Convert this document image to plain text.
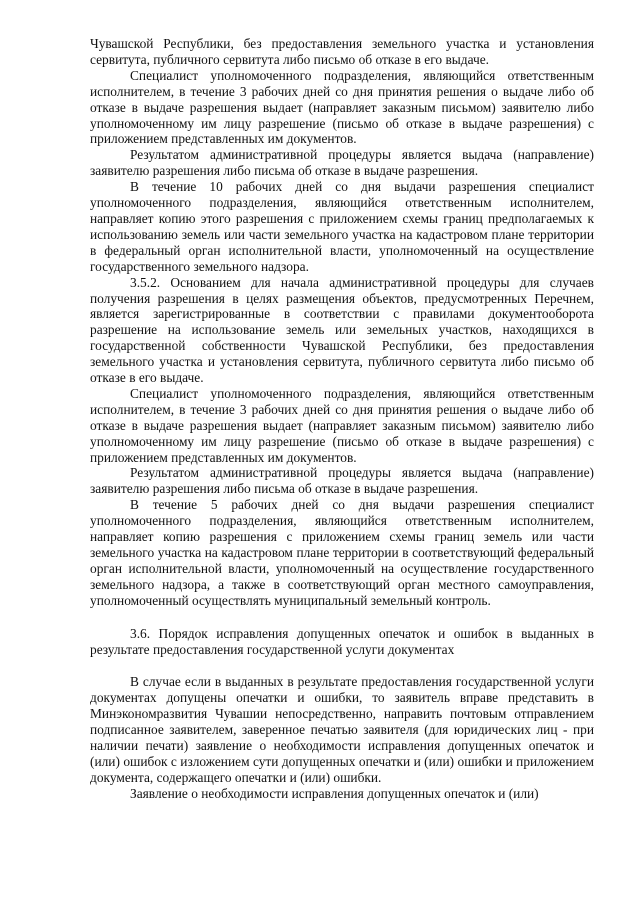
Чувашской Республики, без предоставления земельного участка и установления сервитута, публичного сервитута либо письмо об отказе в его выдаче.

Специалист уполномоченного подразделения, являющийся ответственным исполнителем, в течение 3 рабочих дней со дня принятия решения о выдаче либо об отказе в выдаче разрешения выдает (направляет заказным письмом) заявителю либо уполномоченному им лицу разрешение (письмо об отказе в выдаче разрешения) с приложением представленных им документов.

Результатом административной процедуры является выдача (направление) заявителю разрешения либо письма об отказе в выдаче разрешения.

В течение 10 рабочих дней со дня выдачи разрешения специалист уполномоченного подразделения, являющийся ответственным исполнителем, направляет копию этого разрешения с приложением схемы границ предполагаемых к использованию земель или части земельного участка на кадастровом плане территории в федеральный орган исполнительной власти, уполномоченный на осуществление государственного земельного надзора.

3.5.2. Основанием для начала административной процедуры для случаев получения разрешения в целях размещения объектов, предусмотренных Перечнем, является зарегистрированные в соответствии с правилами документооборота разрешение на использование земель или земельных участков, находящихся в государственной собственности Чувашской Республики, без предоставления земельного участка и установления сервитута, публичного сервитута либо письмо об отказе в его выдаче.

Специалист уполномоченного подразделения, являющийся ответственным исполнителем, в течение 3 рабочих дней со дня принятия решения о выдаче либо об отказе в выдаче разрешения выдает (направляет заказным письмом) заявителю либо уполномоченному им лицу разрешение (письмо об отказе в выдаче разрешения) с приложением представленных им документов.

Результатом административной процедуры является выдача (направление) заявителю разрешения либо письма об отказе в выдаче разрешения.

В течение 5 рабочих дней со дня выдачи разрешения специалист уполномоченного подразделения, являющийся ответственным исполнителем, направляет копию разрешения с приложением схемы границ земель или части земельного участка на кадастровом плане территории в соответствующий федеральный орган исполнительной власти, уполномоченный на осуществление государственного земельного надзора, а также в соответствующий орган местного самоуправления, уполномоченный осуществлять муниципальный земельный контроль.

3.6. Порядок исправления допущенных опечаток и ошибок в выданных в результате предоставления государственной услуги документах

В случае если в выданных в результате предоставления государственной услуги документах допущены опечатки и ошибки, то заявитель вправе представить в Минэкономразвития Чувашии непосредственно, направить почтовым отправлением подписанное заявителем, заверенное печатью заявителя (для юридических лиц - при наличии печати) заявление о необходимости исправления допущенных опечаток и (или) ошибок с изложением сути допущенных опечатки и (или) ошибки и приложением документа, содержащего опечатки и (или) ошибки.

Заявление о необходимости исправления допущенных опечаток и (или)
